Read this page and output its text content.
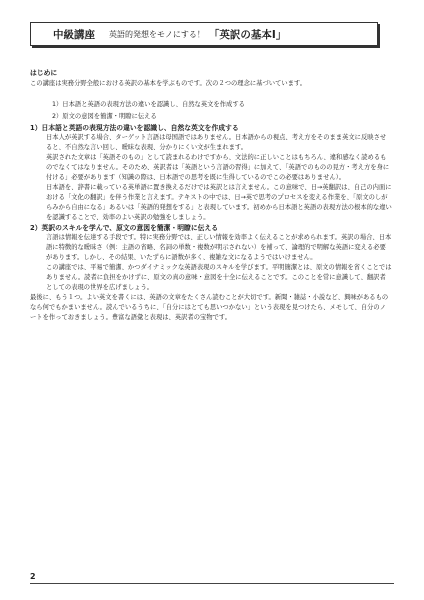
中級講座 英語的発想をモノにする！ 「英訳の基本Ⅰ」

はじめに

この講座は実務分野全般における英訳の基本を学ぶものです。次の２つの理念に基づいています。

1）日本語と英語の表現方法の違いを認識し、自然な英文を作成する
2）原文の意図を簡潔・明瞭に伝える

1）日本語と英語の表現方法の違いを認識し、自然な英文を作成する

日本人が英訳する場合、ターゲット言語は母国語ではありません。日本語からの視点、考え方をそのまま英文に反映させると、不自然な言い回し、曖昧な表現、分かりにくい文が生まれます。

英訳された文章は「英語そのもの」として読まれるわけですから、文法的に正しいことはもちろん、違和感なく読めるものでなくてはなりません。そのため、英訳者は「英語という言語の習得」に加えて、「英語でのものの見方・考え方を身に付ける」必要があります（知識の際は、日本語での思考を既に生得しているのでこの必要はありません）。

日本語を、辞書に載っている英単語に置き換えるだけでは英訳とは言えません。この意味で、日→英翻訳は、自己の内面における「文化の翻訳」を伴う作業と言えます。テキストの中では、日→英で思考のプロセスを変える作業を、「原文のしがらみから自由になる」あるいは「英語的発想をする」と表現しています。初めから日本語と英語の表現方法の根本的な違いを認識することで、効率のよい英訳の勉強をしましょう。

2）英訳のスキルを学んで、原文の意図を簡潔・明瞭に伝える

言語は情報を伝達する手段です。特に実務分野では、正しい情報を効率よく伝えることが求められます。英訳の場合、日本語に特徴的な曖昧さ（例：主語の省略、名詞の単数・複数が明示されない）を補って、論理的で明解な英語に変える必要があります。しかし、その結果、いたずらに語数が多く、複雑な文になるようではいけません。

この講座では、平易で簡潔、かつダイナミックな英語表現のスキルを学びます。平明簡潔とは、原文の情報を省くことではありません。読者に負担をかけずに、原文の真の意味・意図を十全に伝えることです。このことを常に意識して、翻訳者としての表現の世界を広げましょう。

最後に、もう１つ。よい英文を書くには、英語の文章をたくさん読むことが大切です。新聞・雑誌・小説など、興味があるものなら何でもかまいません。読んでいるうちに、「自分にはとても思いつかない」という表現を見つけたら、メモして、自分のノートを作っておきましょう。豊富な語彙と表現は、英訳者の宝物です。

2
